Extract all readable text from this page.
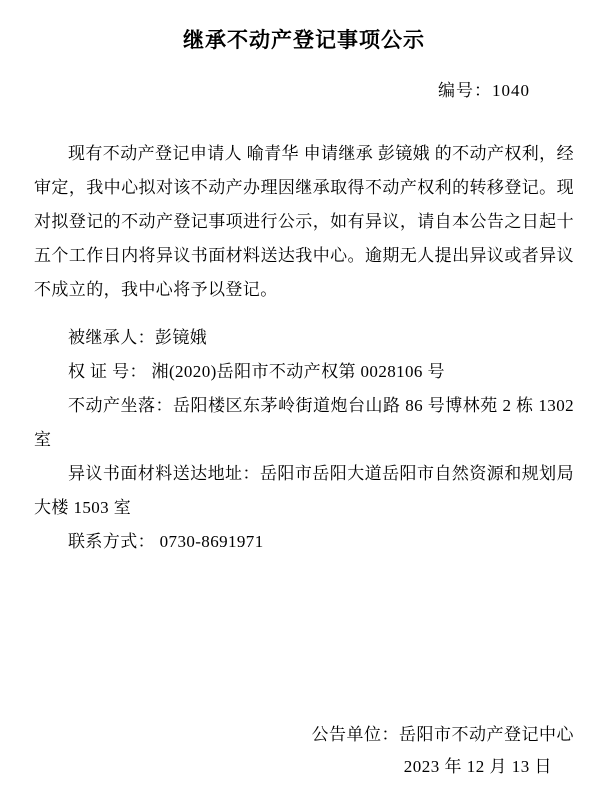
继承不动产登记事项公示
编号：1040
现有不动产登记申请人 喻青华 申请继承 彭镜娥 的不动产权利，经审定，我中心拟对该不动产办理因继承取得不动产权利的转移登记。现对拟登记的不动产登记事项进行公示，如有异议，请自本公告之日起十五个工作日内将异议书面材料送达我中心。逾期无人提出异议或者异议不成立的，我中心将予以登记。
被继承人：彭镜娥
权 证 号： 湘(2020)岳阳市不动产权第 0028106 号
不动产坐落：岳阳楼区东茅岭街道炮台山路 86 号博林苑 2 栋 1302 室
异议书面材料送达地址：岳阳市岳阳大道岳阳市自然资源和规划局大楼 1503 室
联系方式： 0730-8691971
公告单位：岳阳市不动产登记中心
2023 年 12 月 13 日
